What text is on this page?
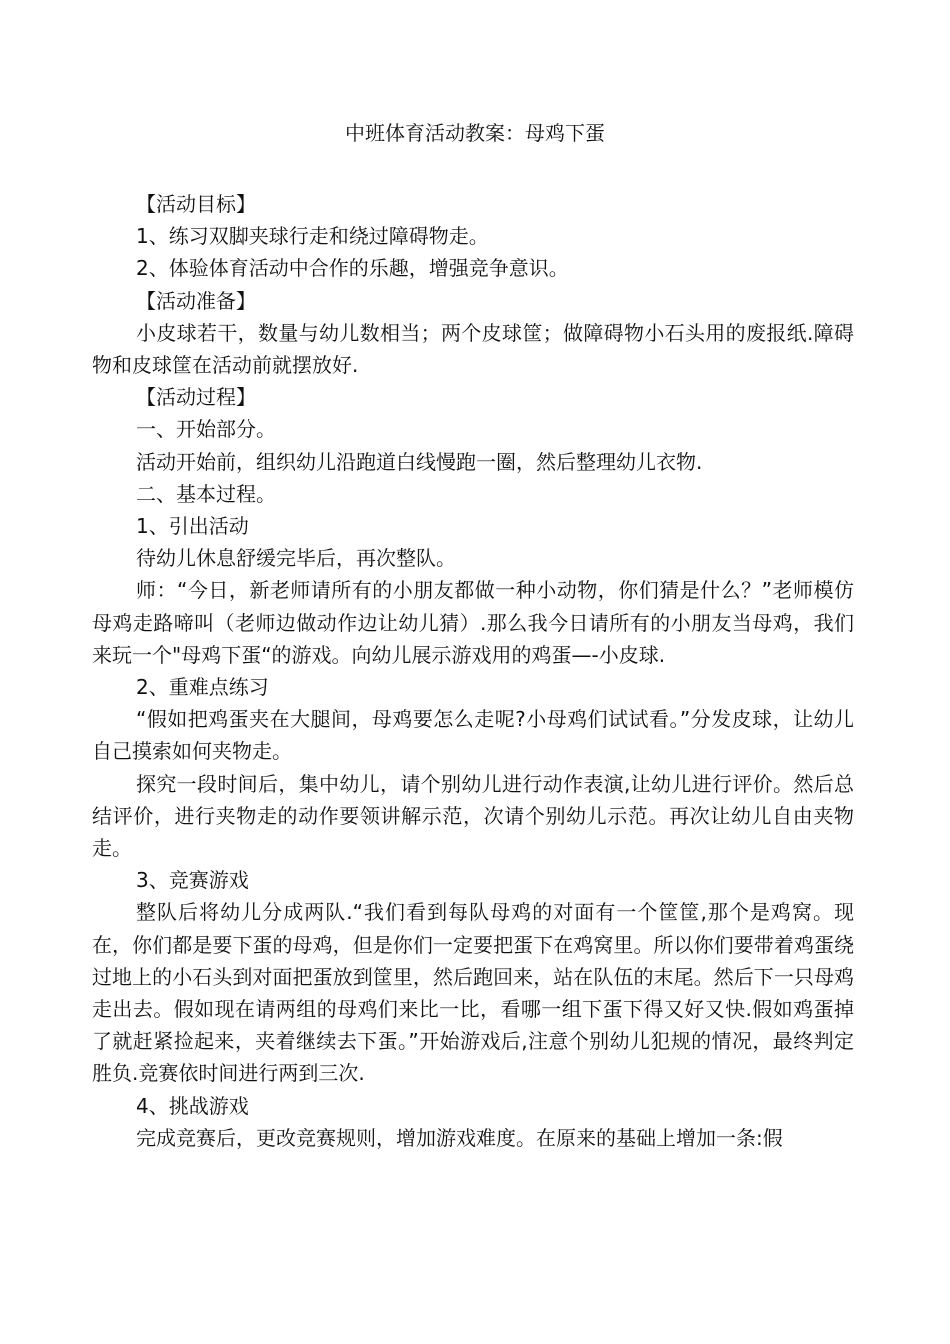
中班体育活动教案：母鸡下蛋

【活动目标】

1、练习双脚夹球行走和绕过障碍物走。

2、体验体育活动中合作的乐趣，增强竞争意识。

【活动准备】

小皮球若干，数量与幼儿数相当；两个皮球筐；做障碍物小石头用的废报纸.障碍物和皮球筐在活动前就摆放好.

【活动过程】

一、开始部分。

活动开始前，组织幼儿沿跑道白线慢跑一圈，然后整理幼儿衣物.

二、基本过程。

1、引出活动

待幼儿休息舒缓完毕后，再次整队。

师：“今日，新老师请所有的小朋友都做一种小动物，你们猜是什么？”老师模仿母鸡走路啼叫（老师边做动作边让幼儿猜）.那么我今日请所有的小朋友当母鸡，我们来玩一个"母鸡下蛋“的游戏。向幼儿展示游戏用的鸡蛋—-小皮球.

2、重难点练习

“假如把鸡蛋夹在大腿间，母鸡要怎么走呢?小母鸡们试试看。”分发皮球，让幼儿自己摸索如何夹物走。

探究一段时间后，集中幼儿，请个别幼儿进行动作表演,让幼儿进行评价。然后总结评价，进行夹物走的动作要领讲解示范，次请个别幼儿示范。再次让幼儿自由夹物走。

3、竞赛游戏

整队后将幼儿分成两队.“我们看到每队母鸡的对面有一个筐筐,那个是鸡窝。现在，你们都是要下蛋的母鸡，但是你们一定要把蛋下在鸡窝里。所以你们要带着鸡蛋绕过地上的小石头到对面把蛋放到筐里，然后跑回来，站在队伍的末尾。然后下一只母鸡走出去。假如现在请两组的母鸡们来比一比，看哪一组下蛋下得又好又快.假如鸡蛋掉了就赶紧捡起来，夹着继续去下蛋。”开始游戏后,注意个别幼儿犯规的情况，最终判定胜负.竞赛依时间进行两到三次.

4、挑战游戏

完成竞赛后，更改竞赛规则，增加游戏难度。在原来的基础上增加一条:假
